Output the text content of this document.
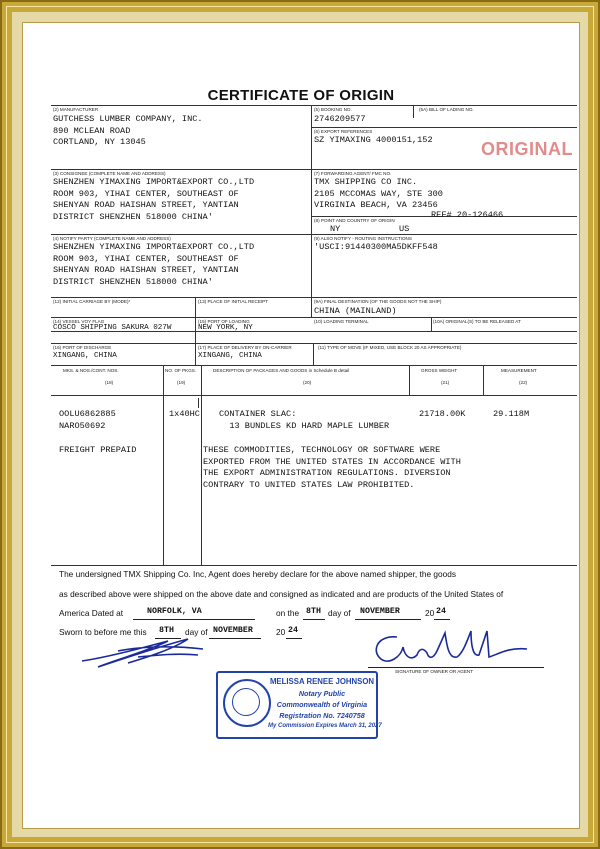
CERTIFICATE OF ORIGIN
(2) MANUFACTURER
GUTCHESS LUMBER COMPANY, INC.
890 MCLEAN ROAD
CORTLAND, NY 13045
(5) BOOKING NO.
2746209577
(5A) BILL OF LADING NO.
(6) EXPORT REFERENCES
SZ YIMAXING 4000151,152	ORIGINAL
(3) CONSIGNEE (COMPLETE NAME AND ADDRESS)
SHENZHEN YIMAXING IMPORT&EXPORT CO.,LTD
ROOM 903, YIHAI CENTER, SOUTHEAST OF
SHENYAN ROAD HAISHAN STREET, YANTIAN
DISTRICT SHENZHEN 518000 CHINA'
(7) FORWARDING AGENT/ FMC NO.
TMX SHIPPING CO INC.
2105 MCCOMAS WAY, STE 300
VIRGINIA BEACH, VA 23456
REF# 20-126466
(8) POINT AND COUNTRY OF ORIGIN
NY	US
(4) NOTIFY PARTY (COMPLETE NAME AND ADDRESS)
SHENZHEN YIMAXING IMPORT&EXPORT CO.,LTD
ROOM 903, YIHAI CENTER, SOUTHEAST OF
SHENYAN ROAD HAISHAN STREET, YANTIAN
DISTRICT SHENZHEN 518000 CHINA'
(9) ALSO NOTIFY - ROUTING INSTRUCTIONS
'USCI:91440300MA5DKFF548
(12) INITIAL CARRIAGE BY (MODE)*	(13) PLACE OF INITIAL RECEIPT	(9A) FINAL DESTINATION (OF THE GOODS NOT THE SHIP)
CHINA (MAINLAND)
(14) VESSEL VOY FLAG
COSCO SHIPPING SAKURA 027W
(15) PORT OF LOADING
NEW YORK, NY
(10) LOADING TERMINAL	(10A) ORIGINAL(S) TO BE RELEASED AT
(16) PORT OF DISCHARGE
XINGANG, CHINA
(17) PLACE OF DELIVERY BY ON-CARRIER
XINGANG, CHINA
(11) TYPE OF MOVE (IF MIXED, USE BLOCK 20 AS APPROPRIATE)
MKS. & NOS./CONT. NOS.
(18)
NO. OF PKGS.
(19)
DESCRIPTION OF PACKAGES AND GOODS in Schedule B detail
(20)
GROSS WEIGHT
(21)
MEASUREMENT
(22)
OOLU6862885
NARO50692
FREIGHT PREPAID
1x40HC CONTAINER SLAC:
13 BUNDLES KD HARD MAPLE LUMBER
21718.00K	29.118M
THESE COMMODITIES, TECHNOLOGY OR SOFTWARE WERE
EXPORTED FROM THE UNITED STATES IN ACCORDANCE WITH
THE EXPORT ADMINISTRATION REGULATIONS. DIVERSION
CONTRARY TO UNITED STATES LAW PROHIBITED.
The undersigned TMX Shipping Co. Inc, Agent does hereby declare for the above named shipper, the goods
as described above were shipped on the above date and consigned as indicated and are products of the United States of
America Dated at	NORFOLK, VA	on the 8TH day of NOVEMBER	20 24
Sworn to before me this 8TH day of NOVEMBER	20 24
SIGNATURE OF OWNER OR AGENT
MELISSA RENEE JOHNSON
Notary Public
Commonwealth of Virginia
Registration No. 7240758
My Commission Expires March 31, 2027
